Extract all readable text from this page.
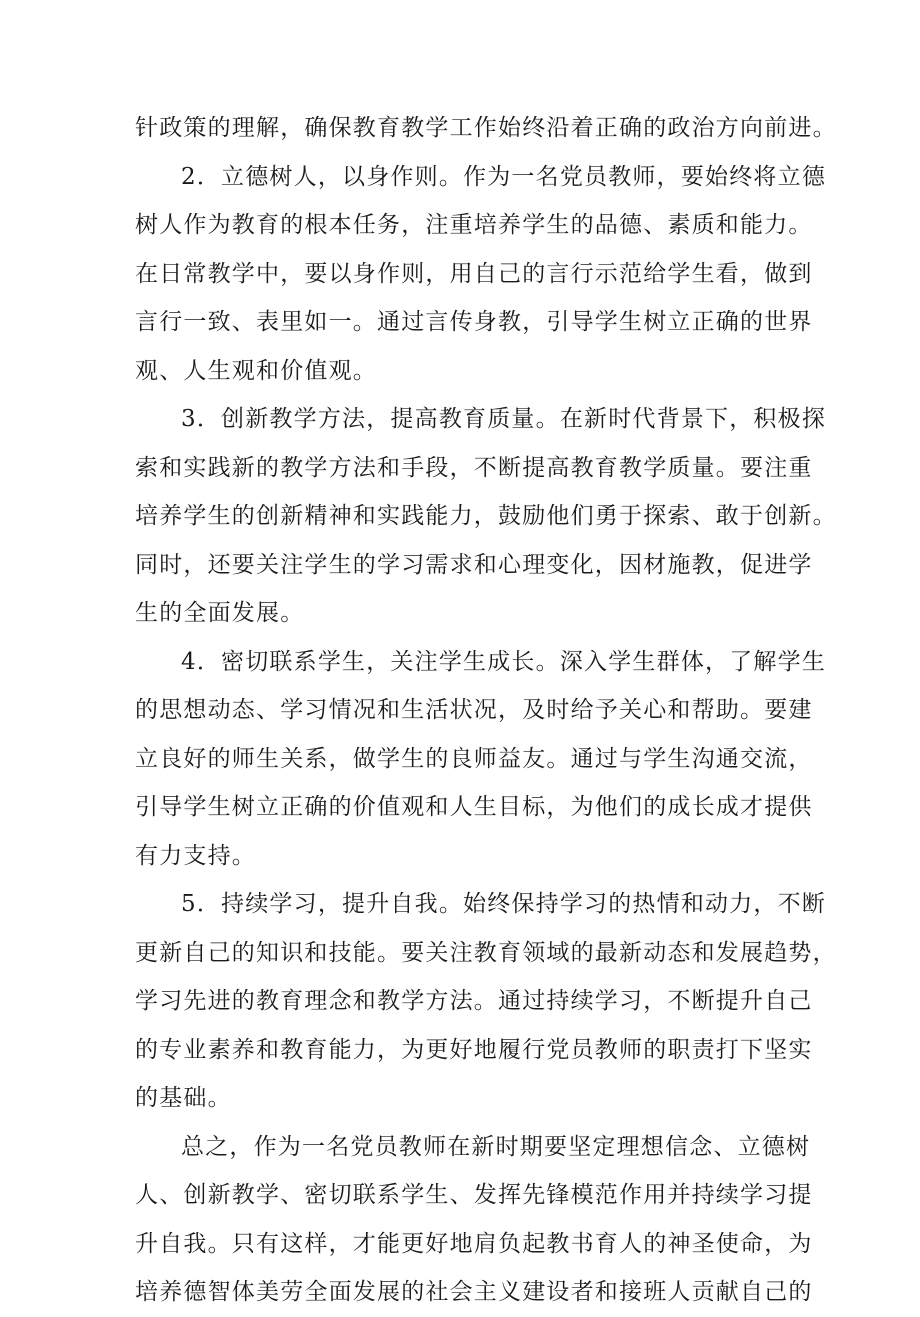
针政策的理解，确保教育教学工作始终沿着正确的政治方向前进。
2．立德树人，以身作则。作为一名党员教师，要始终将立德
树人作为教育的根本任务，注重培养学生的品德、素质和能力。
在日常教学中，要以身作则，用自己的言行示范给学生看，做到
言行一致、表里如一。通过言传身教，引导学生树立正确的世界
观、人生观和价值观。
3．创新教学方法，提高教育质量。在新时代背景下，积极探
索和实践新的教学方法和手段，不断提高教育教学质量。要注重
培养学生的创新精神和实践能力，鼓励他们勇于探索、敢于创新。
同时，还要关注学生的学习需求和心理变化，因材施教，促进学
生的全面发展。
4．密切联系学生，关注学生成长。深入学生群体，了解学生
的思想动态、学习情况和生活状况，及时给予关心和帮助。要建
立良好的师生关系，做学生的良师益友。通过与学生沟通交流，
引导学生树立正确的价值观和人生目标，为他们的成长成才提供
有力支持。
5．持续学习，提升自我。始终保持学习的热情和动力，不断
更新自己的知识和技能。要关注教育领域的最新动态和发展趋势，
学习先进的教育理念和教学方法。通过持续学习，不断提升自己
的专业素养和教育能力，为更好地履行党员教师的职责打下坚实
的基础。
总之，作为一名党员教师在新时期要坚定理想信念、立德树
人、创新教学、密切联系学生、发挥先锋模范作用并持续学习提
升自我。只有这样，才能更好地肩负起教书育人的神圣使命，为
培养德智体美劳全面发展的社会主义建设者和接班人贡献自己的
